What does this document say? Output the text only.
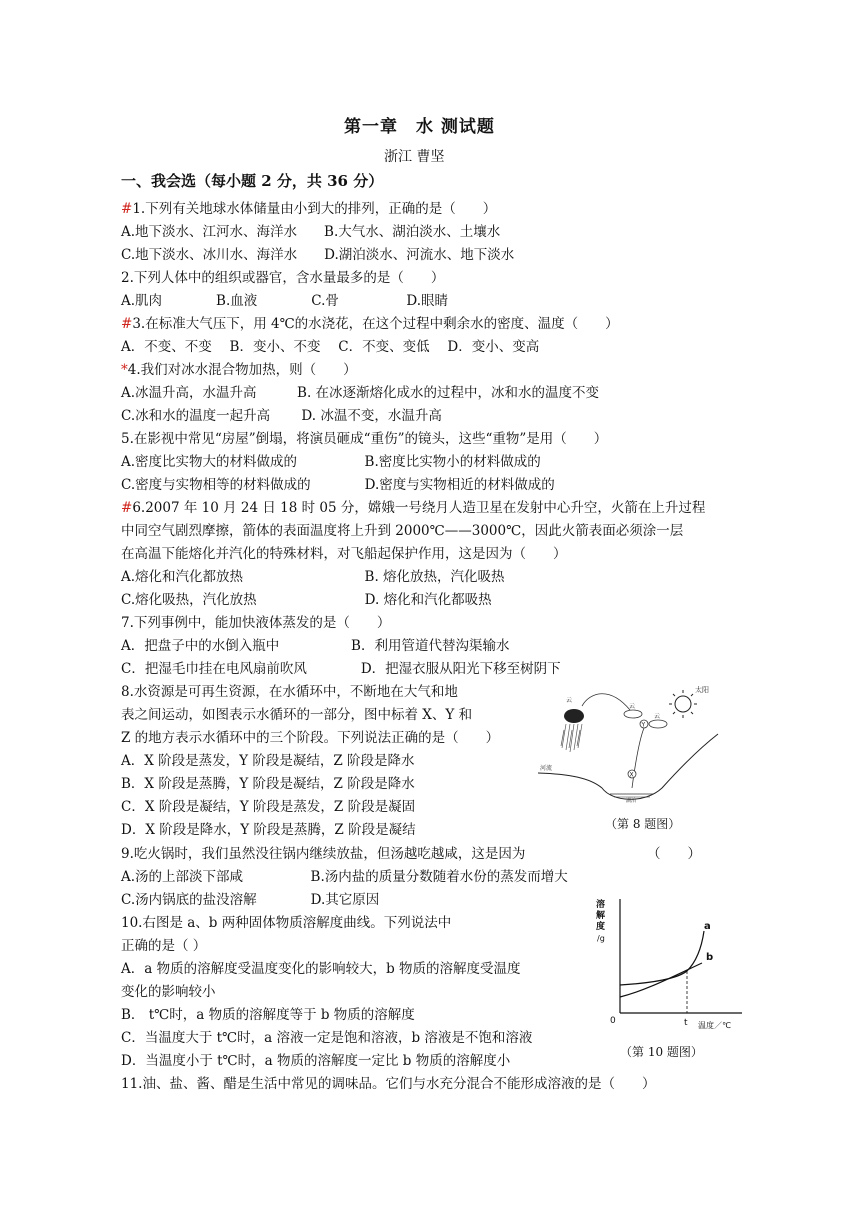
第一章　水 测试题
浙江 曹坚
一、我会选（每小题 2 分，共 36 分）
#1.下列有关地球水体储量由小到大的排列，正确的是（　　）
A.地下淡水、江河水、海洋水　　B.大气水、湖泊淡水、土壤水
C.地下淡水、冰川水、海洋水　　D.湖泊淡水、河流水、地下淡水
2.下列人体中的组织或器官，含水量最多的是（　　）
A.肌肉　　　　B.血液　　　　C.骨　　　　　D.眼睛
#3.在标准大气压下，用 4℃的水浇花，在这个过程中剩余水的密度、温度（　　）
A．不变、不变　 B．变小、不变　 C．不变、变低　 D．变小、变高
*4.我们对冰水混合物加热，则（　　）
A.冰温升高，水温升高　　　B. 在冰逐渐熔化成水的过程中，冰和水的温度不变
C.冰和水的温度一起升高　　 D. 冰温不变，水温升高
5.在影视中常见“房屋”倒塌，将演员砸成“重伤”的镜头，这些“重物”是用（　　）
A.密度比实物大的材料做成的　　　　　B.密度比实物小的材料做成的
C.密度与实物相等的材料做成的　　　　D.密度与实物相近的材料做成的
#6.2007 年 10 月 24 日 18 时 05 分，嫦娥一号绕月人造卫星在发射中心升空，火箭在上升过程
中同空气剧烈摩擦，箭体的表面温度将上升到 2000℃——3000℃，因此火箭表面必须涂一层
在高温下能熔化并汽化的特殊材料，对飞船起保护作用，这是因为（　　）
A.熔化和汽化都放热　　　　　　　　　B. 熔化放热，汽化吸热
C.熔化吸热，汽化放热　　　　　　　　D. 熔化和汽化都吸热
7.下列事例中，能加快液体蒸发的是（　　）
A．把盘子中的水倒入瓶中　　　　　 B．利用管道代替沟渠输水
C．把湿毛巾挂在电风扇前吹风　　　　D．把湿衣服从阳光下移至树阴下
8.水资源是可再生资源，在水循环中，不断地在大气和地
表之间运动，如图表示水循环的一部分，图中标着 X、Y 和
Z 的地方表示水循环中的三个阶段。下列说法正确的是（　　）
A．X 阶段是蒸发，Y 阶段是凝结，Z 阶段是降水
B．X 阶段是蒸腾，Y 阶段是凝结，Z 阶段是降水
C．X 阶段是凝结，Y 阶段是蒸发，Z 阶段是凝固
D．X 阶段是降水，Y 阶段是蒸腾，Z 阶段是凝结
太阳
云
云
云
Y
X
河流
湖泊
（第 8 题图）
9.吃火锅时，我们虽然没往锅内继续放盐，但汤越吃越咸，这是因为	（　　）
A.汤的上部淡下部咸　　　　　B.汤内盐的质量分数随着水份的蒸发而增大
C.汤内锅底的盐没溶解　　　　D.其它原因
10.右图是 a、b 两种固体物质溶解度曲线。下列说法中
正确的是（ ）
A．a 物质的溶解度受温度变化的影响较大，b 物质的溶解度受温度
变化的影响较小
B． t℃时，a 物质的溶解度等于 b 物质的溶解度
C．当温度大于 t℃时，a 溶液一定是饱和溶液，b 溶液是不饱和溶液
D．当温度小于 t℃时，a 物质的溶解度一定比 b 物质的溶解度小
溶
解
度
/g
a
b
0	t 温度／℃
（第 10 题图）
11.油、盐、酱、醋是生活中常见的调味品。它们与水充分混合不能形成溶液的是（　　）
